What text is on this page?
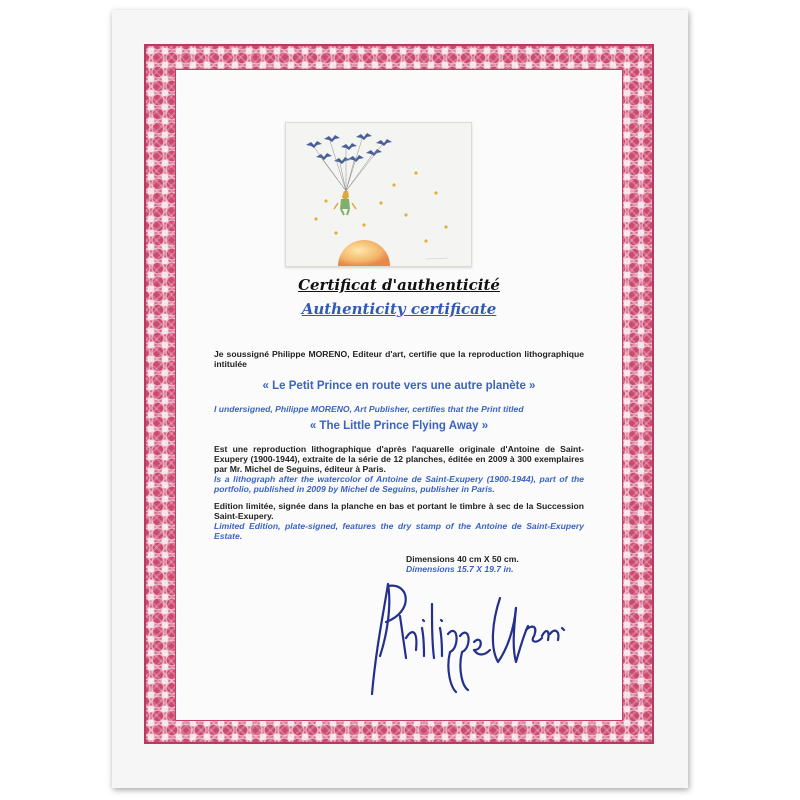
Certificat d'authenticité
Authenticity certificate
Je soussigné Philippe MORENO, Editeur d'art, certifie que la reproduction lithographique intitulée
« Le Petit Prince en route vers une autre planète »
I undersigned, Philippe MORENO, Art Publisher, certifies that the Print titled
« The Little Prince Flying Away »
Est une reproduction lithographique d'après l'aquarelle originale d'Antoine de Saint-Exupery (1900-1944), extraite de la série de 12 planches, éditée en 2009 à 300 exemplaires par Mr. Michel de Seguins, éditeur à Paris.
Is a lithograph after the watercolor of Antoine de Saint-Exupery (1900-1944), part of the portfolio, published in 2009 by Michel de Seguins, publisher in Paris.
Edition limitée, signée dans la planche en bas et portant le timbre à sec de la Succession Saint-Exupery.
Limited Edition, plate-signed, features the dry stamp of the Antoine de Saint-Exupery Estate.
Dimensions 40 cm X 50 cm.
Dimensions 15.7 X 19.7 in.
